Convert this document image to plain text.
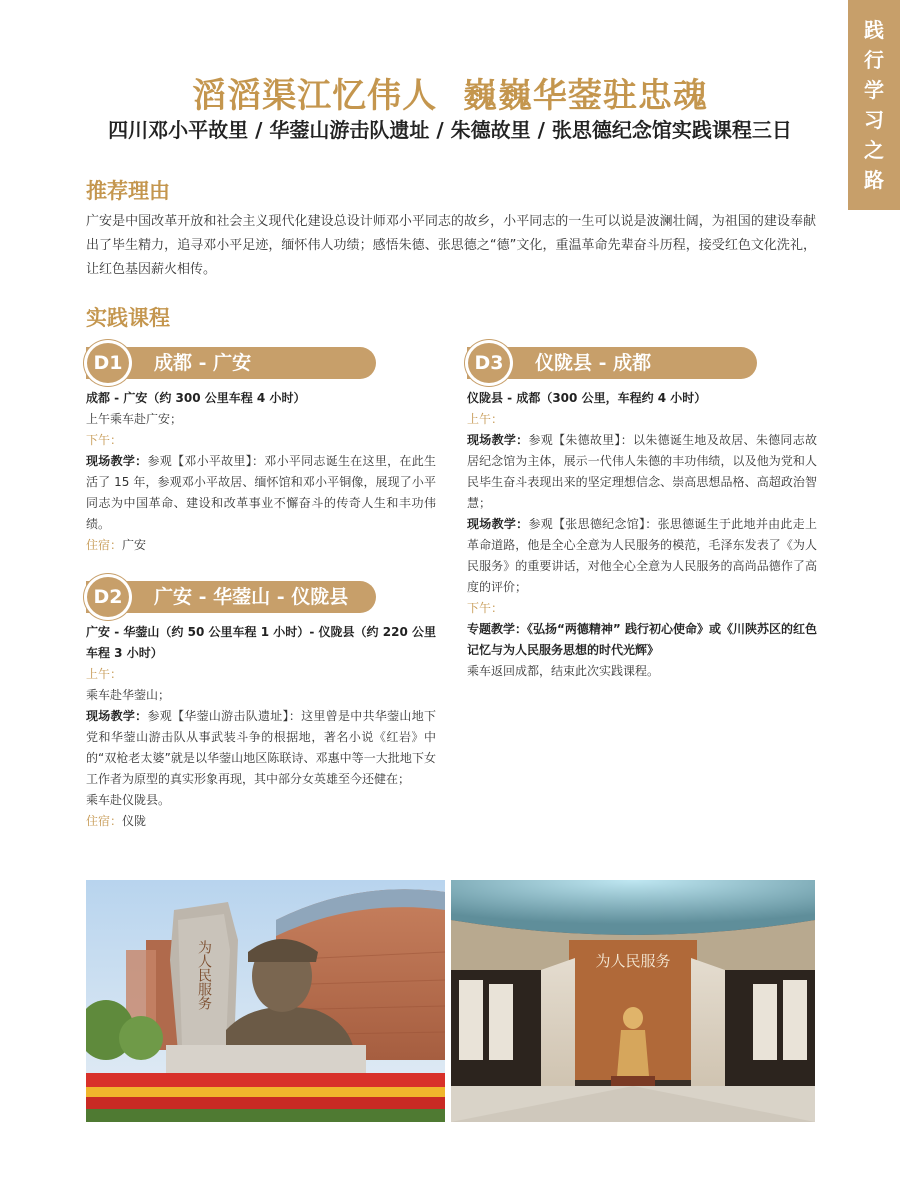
践
行
学
习
之
路
滔滔渠江忆伟人  巍巍华蓥驻忠魂
四川邓小平故里 / 华蓥山游击队遗址 / 朱德故里 / 张思德纪念馆实践课程三日
推荐理由
广安是中国改革开放和社会主义现代化建设总设计师邓小平同志的故乡，小平同志的一生可以说是波澜壮阔，为祖国的建设奉献出了毕生精力，追寻邓小平足迹，缅怀伟人功绩；感悟朱德、张思德之“德”文化，重温革命先辈奋斗历程，接受红色文化洗礼，让红色基因薪火相传。
实践课程
D1	成都 - 广安

成都 - 广安（约 300 公里车程 4 小时）

上午乘车赴广安；

下午：

现场教学：参观【邓小平故里】：邓小平同志诞生在这里，在此生活了 15 年，参观邓小平故居、缅怀馆和邓小平铜像，展现了小平同志为中国革命、建设和改革事业不懈奋斗的传奇人生和丰功伟绩。

住宿：广安

D2	广安 - 华蓥山 - 仪陇县

广安 - 华蓥山（约 50 公里车程 1 小时）- 仪陇县（约 220 公里车程 3 小时）

上午：

乘车赴华蓥山；

现场教学：参观【华蓥山游击队遗址】：这里曾是中共华蓥山地下党和华蓥山游击队从事武装斗争的根据地，著名小说《红岩》中的“双枪老太婆”就是以华蓥山地区陈联诗、邓惠中等一大批地下女工作者为原型的真实形象再现，其中部分女英雄至今还健在；

乘车赴仪陇县。

住宿：仪陇

D3	仪陇县 - 成都

仪陇县 - 成都（300 公里，车程约 4 小时）

上午：

现场教学：参观【朱德故里】：以朱德诞生地及故居、朱德同志故居纪念馆为主体，展示一代伟人朱德的丰功伟绩，以及他为党和人民毕生奋斗表现出来的坚定理想信念、崇高思想品格、高超政治智慧；

现场教学：参观【张思德纪念馆】：张思德诞生于此地并由此走上革命道路，他是全心全意为人民服务的模范，毛泽东发表了《为人民服务》的重要讲话，对他全心全意为人民服务的高尚品德作了高度的评价；

下午：

专题教学：《弘扬“两德精神” 践行初心使命》或《川陕苏区的红色记忆与为人民服务思想的时代光辉》

乘车返回成都，结束此次实践课程。

为人民服务	为人民服务
